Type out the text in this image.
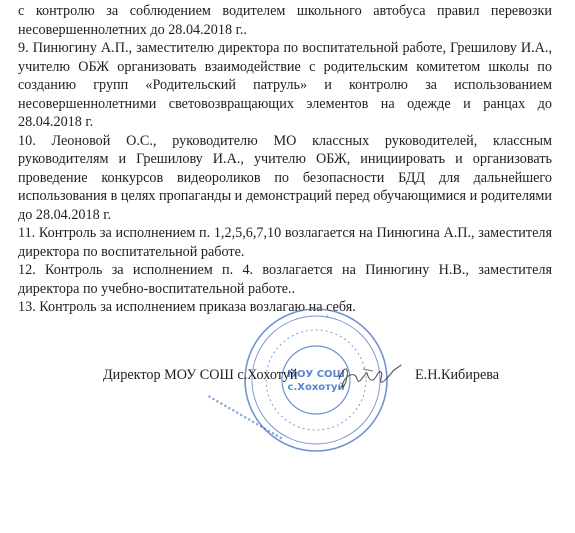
с контролю за соблюдением водителем школьного автобуса правил перевозки несовершеннолетних до 28.04.2018 г..

9. Пинюгину А.П., заместителю директора по воспитательной работе, Грешилову И.А., учителю ОБЖ организовать взаимодействие с родительским комитетом школы по созданию групп «Родительский патруль» и контролю за использованием несовершеннолетними световозвращающих элементов на одежде и ранцах до 28.04.2018 г.

10. Леоновой О.С., руководителю МО классных руководителей, классным руководителям и Грешилову И.А., учителю ОБЖ, инициировать и организовать проведение конкурсов видеороликов по безопасности БДД для дальнейшего использования в целях пропаганды и демонстраций перед обучающимися и родителями до 28.04.2018 г.

11. Контроль за исполнением п. 1,2,5,6,7,10 возлагается на Пинюгина А.П., заместителя директора по воспитательной работе.

12. Контроль за исполнением п. 4. возлагается на Пинюгину Н.В., заместителя директора по учебно-воспитательной работе..

13. Контроль за исполнением приказа возлагаю на себя.

▪ ▪ ▪ ▪ ▪ ▪ ▪ ▪ ▪ ▪ ▪ ▪ ▪ ▪ ▪ ▪ ▪ ▪ ▪
МОУ СОШ
с.Хохотуй
Директор МОУ СОШ с.Хохотуй	Е.Н.Кибирева
